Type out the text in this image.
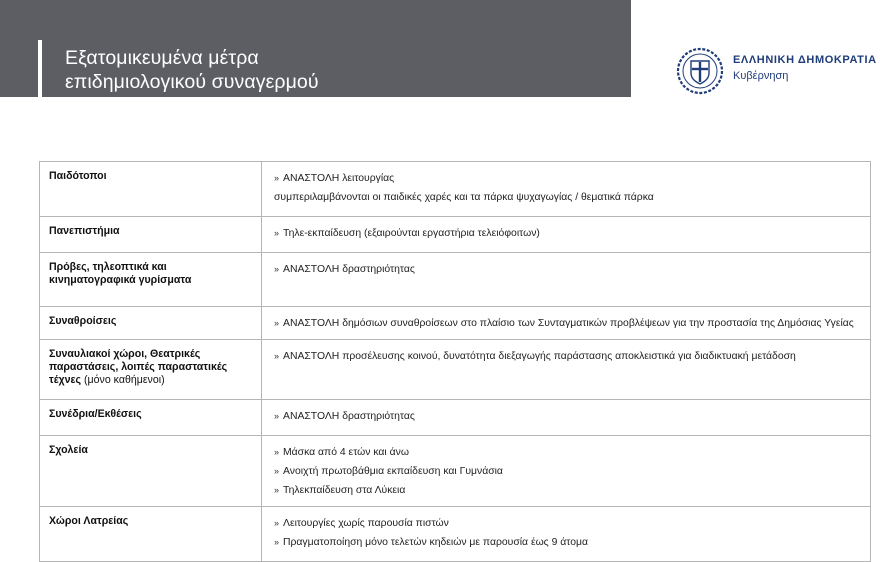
Εξατομικευμένα μέτρα
επιδημιολογικού συναγερμού
ΕΛΛΗΝΙΚΗ ΔΗΜΟΚΡΑΤΙΑ
Κυβέρνηση
Παιδότοποι	» ΑΝΑΣΤΟΛΗ λειτουργίας
συμπεριλαμβάνονται οι παιδικές χαρές και τα πάρκα ψυχαγωγίας / θεματικά πάρκα

Πανεπιστήμια	» Τηλε-εκπαίδευση (εξαιρούνται εργαστήρια τελειόφοιτων)

Πρόβες, τηλεοπτικά και
κινηματογραφικά γυρίσματα	» ΑΝΑΣΤΟΛΗ δραστηριότητας

Συναθροίσεις	» ΑΝΑΣΤΟΛΗ δημόσιων συναθροίσεων στο πλαίσιο των Συνταγματικών προβλέψεων για την προστασία της Δημόσιας Υγείας

Συναυλιακοί χώροι, Θεατρικές
παραστάσεις, λοιπές παραστατικές
τέχνες (μόνο καθήμενοι)	» ΑΝΑΣΤΟΛΗ προσέλευσης κοινού, δυνατότητα διεξαγωγής παράστασης αποκλειστικά για διαδικτυακή μετάδοση

Συνέδρια/Εκθέσεις	» ΑΝΑΣΤΟΛΗ δραστηριότητας

Σχολεία	» Μάσκα από 4 ετών και άνω
» Ανοιχτή πρωτοβάθμια εκπαίδευση και Γυμνάσια
» Τηλεκπαίδευση στα Λύκεια

Χώροι Λατρείας	» Λειτουργίες χωρίς παρουσία πιστών
» Πραγματοποίηση μόνο τελετών κηδειών με παρουσία έως 9 άτομα
